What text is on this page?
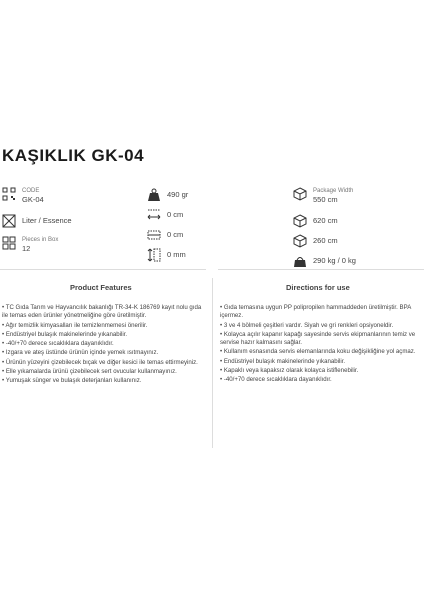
KAŞIKLIK GK-04
CODE
GK-04
Liter / Essence
Pieces in Box
12
490 gr
0 cm
0 cm
0 mm
Package Width
550 cm
620 cm
260 cm
290 kg / 0 kg
Product Features	Directions for use

• TC Gıda Tarım ve Hayvancılık bakanlığı TR-34-K 186769 kayıt nolu gıda ile temas eden ürünler yönetmeliğine göre üretilmiştir.

• Ağır temizlik kimyasalları ile temizlenmemesi önerilir.

• Endüstriyel bulaşık makinelerinde yıkanabilir.

• -40/+70 derece sıcaklıklara dayanıklıdır.

• Izgara ve ateş üstünde ürünün içinde yemek ısıtmayınız.

• Ürünün yüzeyini çizebilecek bıçak ve diğer kesici ile temas ettirmeyiniz.

• Elle yıkamalarda ürünü çizebilecek sert ovucular kullanmayınız.

• Yumuşak sünger ve bulaşık deterjanları kullanınız.

• Gıda temasına uygun PP polipropilen hammaddeden üretilmiştir. BPA içermez.

• 3 ve 4 bölmeli çeşitleri vardır. Siyah ve gri renkleri opsiyoneldir.

• Kolayca açılır kapanır kapağı sayesinde servis ekipmanlarının temiz ve servise hazır kalmasını sağlar.

• Kullanım esnasında servis elemanlarında koku değişikliğine yol açmaz.

• Endüstriyel bulaşık makinelerinde yıkanabilir.

• Kapaklı veya kapaksız olarak kolayca istiflenebilir.

• -40/+70 derece sıcaklıklara dayanıklıdır.
